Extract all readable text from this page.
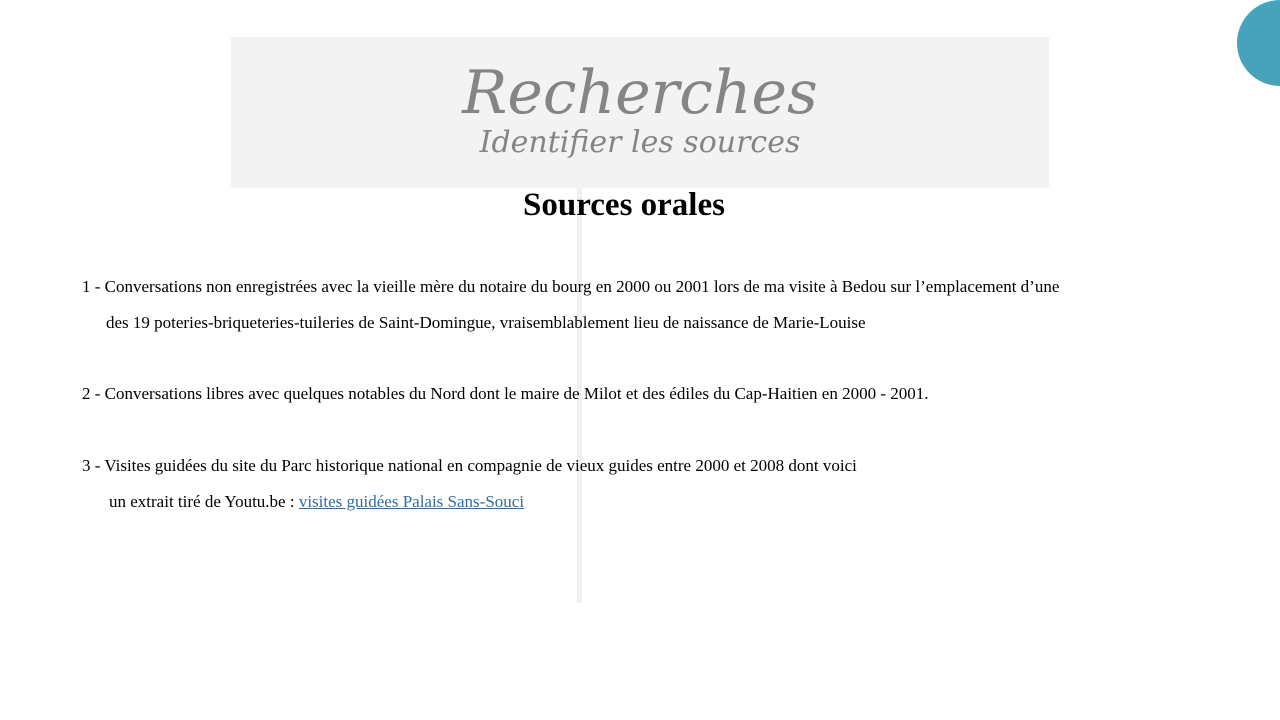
Recherches
Identifier les sources
Sources orales
1 - Conversations non enregistrées avec la vieille mère du notaire du bourg en 2000 ou 2001 lors de ma visite à Bedou sur l’emplacement d’une
des 19 poteries-briqueteries-tuileries de Saint-Domingue, vraisemblablement lieu de naissance de Marie-Louise
2 - Conversations libres avec quelques notables du Nord dont le maire de Milot et des édiles du Cap-Haitien en 2000 - 2001.
3 - Visites guidées du site du Parc historique national en compagnie de vieux guides entre 2000 et 2008 dont voici
un extrait tiré de Youtu.be : visites guidées Palais Sans-Souci
